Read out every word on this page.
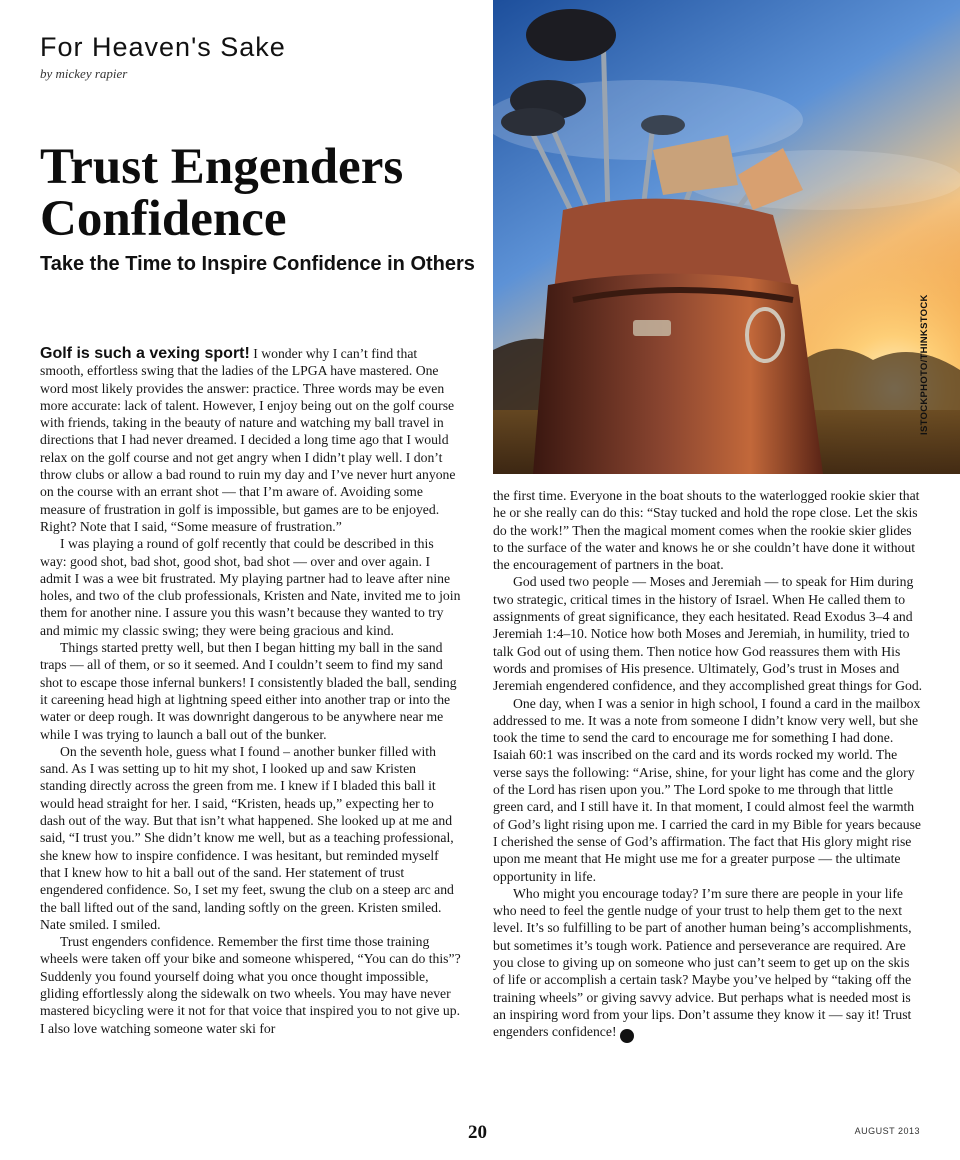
For Heaven's Sake
by mickey rapier
Trust Engenders Confidence
Take the Time to Inspire Confidence in Others
ISTOCKPHOTO/THINKSTOCK

Golf is such a vexing sport! I wonder why I can’t find that smooth, effortless swing that the ladies of the LPGA have mastered. One word most likely provides the answer: practice. Three words may be even more accurate: lack of talent. However, I enjoy being out on the golf course with friends, taking in the beauty of nature and watching my ball travel in directions that I had never dreamed. I decided a long time ago that I would relax on the golf course and not get angry when I didn’t play well. I don’t throw clubs or allow a bad round to ruin my day and I’ve never hurt anyone on the course with an errant shot — that I’m aware of. Avoiding some measure of frustration in golf is impossible, but games are to be enjoyed. Right? Note that I said, “Some measure of frustration.”

I was playing a round of golf recently that could be described in this way: good shot, bad shot, good shot, bad shot — over and over again. I admit I was a wee bit frustrated. My playing partner had to leave after nine holes, and two of the club professionals, Kristen and Nate, invited me to join them for another nine. I assure you this wasn’t because they wanted to try and mimic my classic swing; they were being gracious and kind.

Things started pretty well, but then I began hitting my ball in the sand traps — all of them, or so it seemed. And I couldn’t seem to find my sand shot to escape those infernal bunkers! I consistently bladed the ball, sending it careening head high at lightning speed either into another trap or into the water or deep rough. It was downright dangerous to be anywhere near me while I was trying to launch a ball out of the bunker.

On the seventh hole, guess what I found – another bunker filled with sand. As I was setting up to hit my shot, I looked up and saw Kristen standing directly across the green from me. I knew if I bladed this ball it would head straight for her. I said, “Kristen, heads up,” expecting her to dash out of the way. But that isn’t what happened. She looked up at me and said, “I trust you.” She didn’t know me well, but as a teaching professional, she knew how to inspire confidence. I was hesitant, but reminded myself that I knew how to hit a ball out of the sand. Her statement of trust engendered confidence. So, I set my feet, swung the club on a steep arc and the ball lifted out of the sand, landing softly on the green. Kristen smiled. Nate smiled. I smiled.

Trust engenders confidence. Remember the first time those training wheels were taken off your bike and someone whispered, “You can do this”? Suddenly you found yourself doing what you once thought impossible, gliding effortlessly along the sidewalk on two wheels. You may have never mastered bicycling were it not for that voice that inspired you to not give up. I also love watching someone water ski for

the first time. Everyone in the boat shouts to the waterlogged rookie skier that he or she really can do this: “Stay tucked and hold the rope close. Let the skis do the work!” Then the magical moment comes when the rookie skier glides to the surface of the water and knows he or she couldn’t have done it without the encouragement of partners in the boat.

God used two people — Moses and Jeremiah — to speak for Him during two strategic, critical times in the history of Israel. When He called them to assignments of great significance, they each hesitated. Read Exodus 3–4 and Jeremiah 1:4–10. Notice how both Moses and Jeremiah, in humility, tried to talk God out of using them. Then notice how God reassures them with His words and promises of His presence. Ultimately, God’s trust in Moses and Jeremiah engendered confidence, and they accomplished great things for God.

One day, when I was a senior in high school, I found a card in the mailbox addressed to me. It was a note from someone I didn’t know very well, but she took the time to send the card to encourage me for something I had done. Isaiah 60:1 was inscribed on the card and its words rocked my world. The verse says the following: “Arise, shine, for your light has come and the glory of the Lord has risen upon you.” The Lord spoke to me through that little green card, and I still have it. In that moment, I could almost feel the warmth of God’s light rising upon me. I carried the card in my Bible for years because I cherished the sense of God’s affirmation. The fact that His glory might rise upon me meant that He might use me for a greater purpose — the ultimate opportunity in life.

Who might you encourage today? I’m sure there are people in your life who need to feel the gentle nudge of your trust to help them get to the next level. It’s so fulfilling to be part of another human being’s accomplishments, but sometimes it’s tough work. Patience and perseverance are required. Are you close to giving up on someone who just can’t seem to get up on the skis of life or accomplish a certain task? Maybe you’ve helped by “taking off the training wheels” or giving savvy advice. But perhaps what is needed most is an inspiring word from your lips. Don’t assume they know it — say it! Trust engenders confidence! ✝

20	AUGUST 2013
